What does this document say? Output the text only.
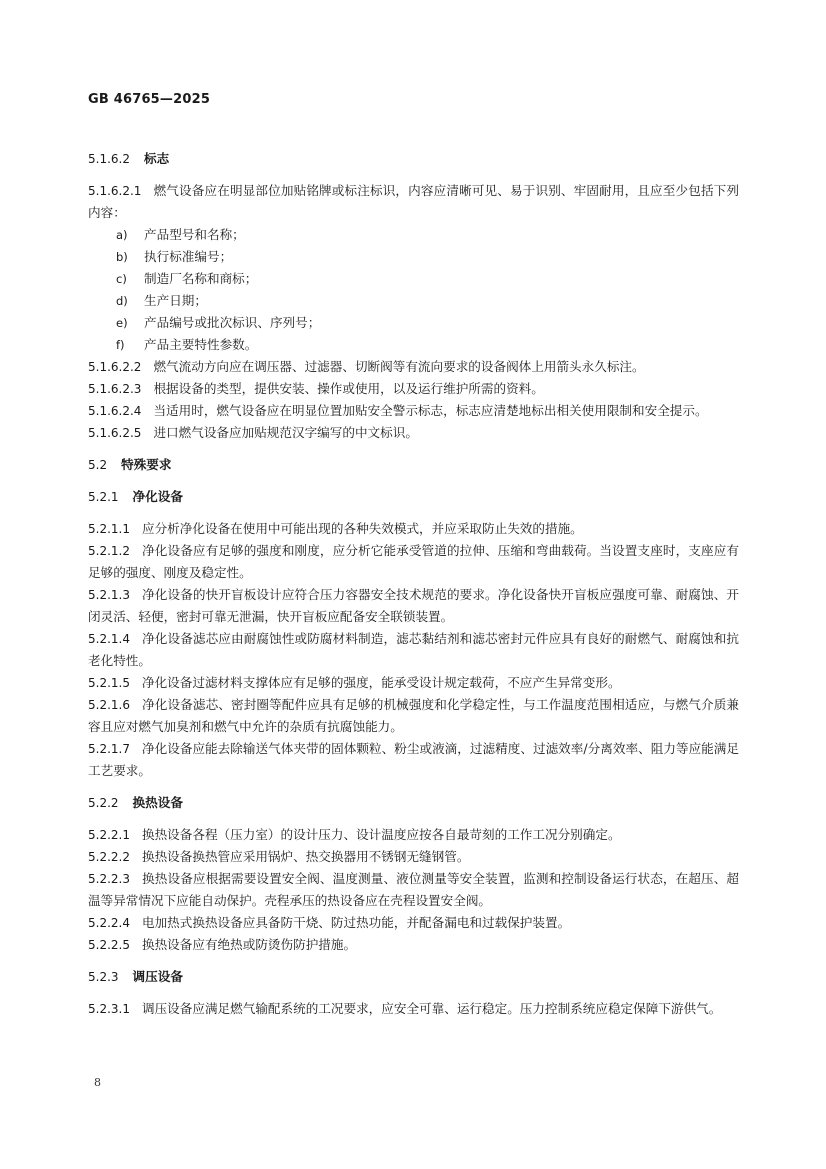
GB 46765—2025
5.1.6.2 标志

5.1.6.2.1 燃气设备应在明显部位加贴铭牌或标注标识，内容应清晰可见、易于识别、牢固耐用，且应至少包括下列内容：

a)	产品型号和名称；
b)	执行标准编号；
c)	制造厂名称和商标；
d)	生产日期；
e)	产品编号或批次标识、序列号；
f)	产品主要特性参数。

5.1.6.2.2 燃气流动方向应在调压器、过滤器、切断阀等有流向要求的设备阀体上用箭头永久标注。

5.1.6.2.3 根据设备的类型，提供安装、操作或使用，以及运行维护所需的资料。

5.1.6.2.4 当适用时，燃气设备应在明显位置加贴安全警示标志，标志应清楚地标出相关使用限制和安全提示。

5.1.6.2.5 进口燃气设备应加贴规范汉字编写的中文标识。

5.2 特殊要求
5.2.1 净化设备

5.2.1.1 应分析净化设备在使用中可能出现的各种失效模式，并应采取防止失效的措施。

5.2.1.2 净化设备应有足够的强度和刚度，应分析它能承受管道的拉伸、压缩和弯曲载荷。当设置支座时，支座应有足够的强度、刚度及稳定性。

5.2.1.3 净化设备的快开盲板设计应符合压力容器安全技术规范的要求。净化设备快开盲板应强度可靠、耐腐蚀、开闭灵活、轻便，密封可靠无泄漏，快开盲板应配备安全联锁装置。

5.2.1.4 净化设备滤芯应由耐腐蚀性或防腐材料制造，滤芯黏结剂和滤芯密封元件应具有良好的耐燃气、耐腐蚀和抗老化特性。

5.2.1.5 净化设备过滤材料支撑体应有足够的强度，能承受设计规定载荷，不应产生异常变形。

5.2.1.6 净化设备滤芯、密封圈等配件应具有足够的机械强度和化学稳定性，与工作温度范围相适应，与燃气介质兼容且应对燃气加臭剂和燃气中允许的杂质有抗腐蚀能力。

5.2.1.7 净化设备应能去除输送气体夹带的固体颗粒、粉尘或液滴，过滤精度、过滤效率/分离效率、阻力等应能满足工艺要求。

5.2.2 换热设备

5.2.2.1 换热设备各程（压力室）的设计压力、设计温度应按各自最苛刻的工作工况分别确定。

5.2.2.2 换热设备换热管应采用锅炉、热交换器用不锈钢无缝钢管。

5.2.2.3 换热设备应根据需要设置安全阀、温度测量、液位测量等安全装置，监测和控制设备运行状态，在超压、超温等异常情况下应能自动保护。壳程承压的热设备应在壳程设置安全阀。

5.2.2.4 电加热式换热设备应具备防干烧、防过热功能，并配备漏电和过载保护装置。

5.2.2.5 换热设备应有绝热或防烫伤防护措施。

5.2.3 调压设备

5.2.3.1 调压设备应满足燃气输配系统的工况要求，应安全可靠、运行稳定。压力控制系统应稳定保障下游供气。

8
